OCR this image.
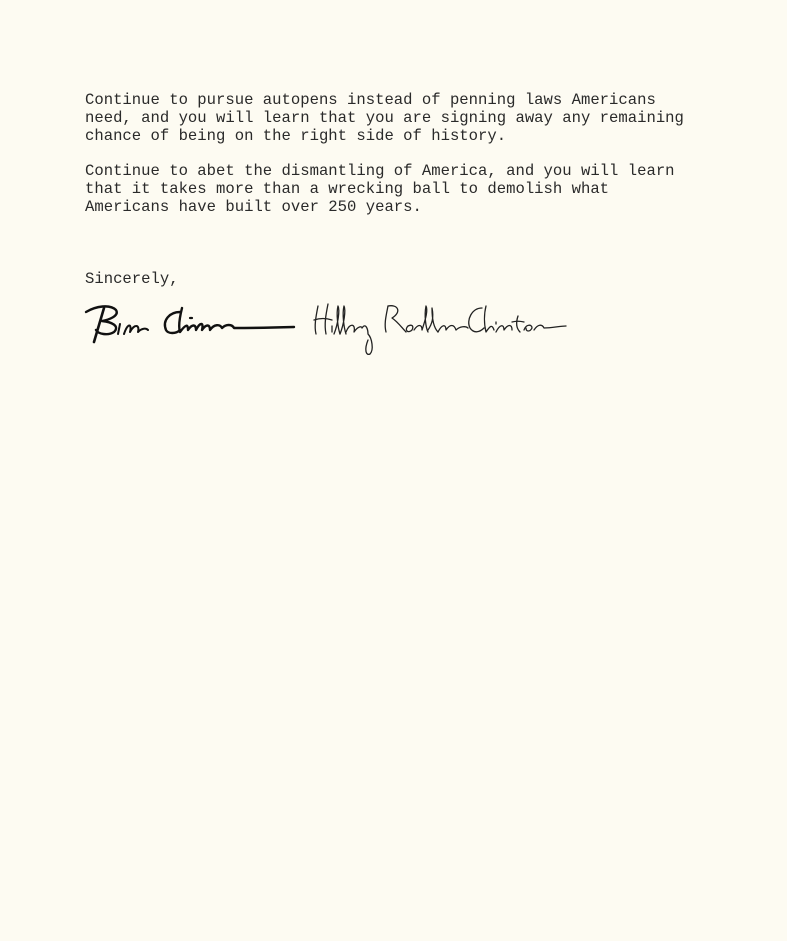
Continue to pursue autopens instead of penning laws Americans
need, and you will learn that you are signing away any remaining
chance of being on the right side of history.

Continue to abet the dismantling of America, and you will learn
that it takes more than a wrecking ball to demolish what
Americans have built over 250 years.

Sincerely,
